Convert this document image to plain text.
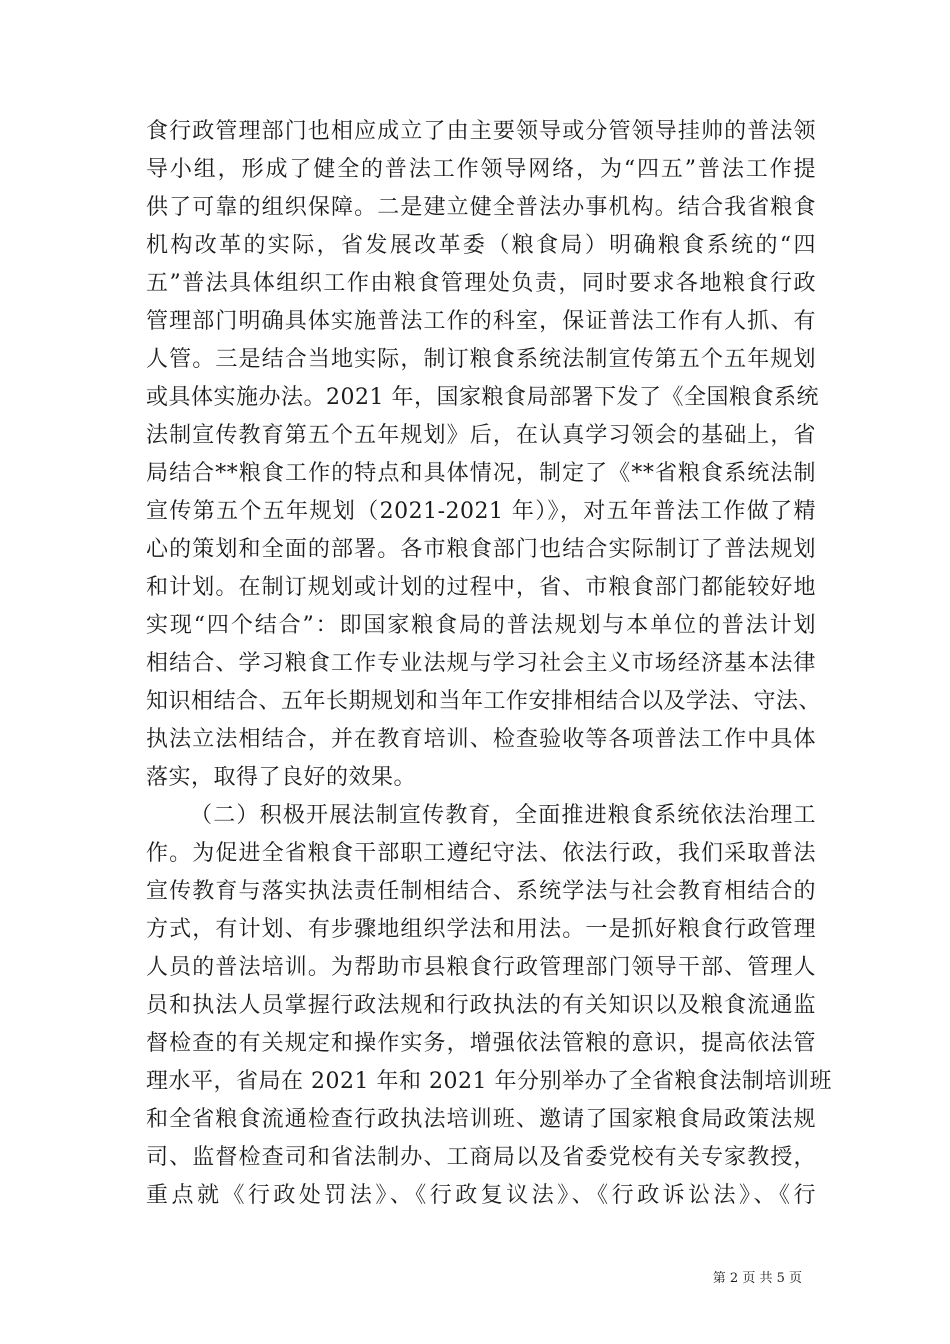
食行政管理部门也相应成立了由主要领导或分管领导挂帅的普法领
导小组，形成了健全的普法工作领导网络，为“四五”普法工作提
供了可靠的组织保障。二是建立健全普法办事机构。结合我省粮食
机构改革的实际，省发展改革委（粮食局）明确粮食系统的“四
五”普法具体组织工作由粮食管理处负责，同时要求各地粮食行政
管理部门明确具体实施普法工作的科室，保证普法工作有人抓、有
人管。三是结合当地实际，制订粮食系统法制宣传第五个五年规划
或具体实施办法。2021 年，国家粮食局部署下发了《全国粮食系统
法制宣传教育第五个五年规划》后，在认真学习领会的基础上，省
局结合**粮食工作的特点和具体情况，制定了《**省粮食系统法制
宣传第五个五年规划（2021-2021 年）》，对五年普法工作做了精
心的策划和全面的部署。各市粮食部门也结合实际制订了普法规划
和计划。在制订规划或计划的过程中，省、市粮食部门都能较好地
实现“四个结合”：即国家粮食局的普法规划与本单位的普法计划
相结合、学习粮食工作专业法规与学习社会主义市场经济基本法律
知识相结合、五年长期规划和当年工作安排相结合以及学法、守法、
执法立法相结合，并在教育培训、检查验收等各项普法工作中具体
落实，取得了良好的效果。
（二）积极开展法制宣传教育，全面推进粮食系统依法治理工
作。为促进全省粮食干部职工遵纪守法、依法行政，我们采取普法
宣传教育与落实执法责任制相结合、系统学法与社会教育相结合的
方式，有计划、有步骤地组织学法和用法。一是抓好粮食行政管理
人员的普法培训。为帮助市县粮食行政管理部门领导干部、管理人
员和执法人员掌握行政法规和行政执法的有关知识以及粮食流通监
督检查的有关规定和操作实务，增强依法管粮的意识，提高依法管
理水平，省局在 2021 年和 2021 年分别举办了全省粮食法制培训班
和全省粮食流通检查行政执法培训班、邀请了国家粮食局政策法规
司、监督检查司和省法制办、工商局以及省委党校有关专家教授，
重点就《行政处罚法》、《行政复议法》、《行政诉讼法》、《行
第 2 页 共 5 页
